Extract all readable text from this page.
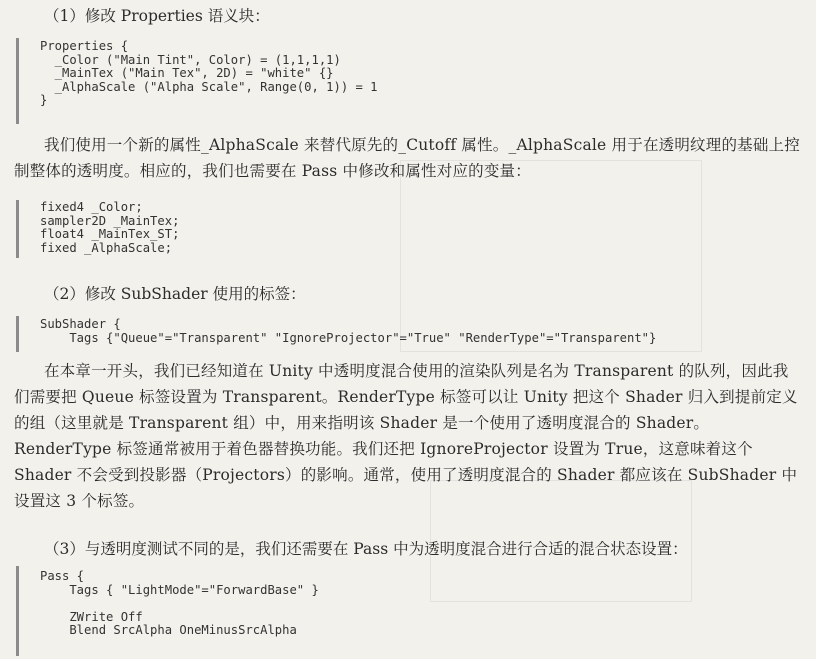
（1）修改 Properties 语义块：
Properties {
_Color ("Main Tint", Color) = (1,1,1,1)
_MainTex ("Main Tex", 2D) = "white" {}
_AlphaScale ("Alpha Scale", Range(0, 1)) = 1
}
我们使用一个新的属性_AlphaScale 来替代原先的_Cutoff 属性。_AlphaScale 用于在透明纹理的基础上控制整体的透明度。相应的，我们也需要在 Pass 中修改和属性对应的变量：
fixed4 _Color;
sampler2D _MainTex;
float4 _MainTex_ST;
fixed _AlphaScale;
（2）修改 SubShader 使用的标签：
SubShader {
Tags {"Queue"="Transparent" "IgnoreProjector"="True" "RenderType"="Transparent"}
在本章一开头，我们已经知道在 Unity 中透明度混合使用的渲染队列是名为 Transparent 的队列，因此我们需要把 Queue 标签设置为 Transparent。RenderType 标签可以让 Unity 把这个 Shader 归入到提前定义的组（这里就是 Transparent 组）中，用来指明该 Shader 是一个使用了透明度混合的 Shader。RenderType 标签通常被用于着色器替换功能。我们还把 IgnoreProjector 设置为 True，这意味着这个 Shader 不会受到投影器（Projectors）的影响。通常，使用了透明度混合的 Shader 都应该在 SubShader 中设置这 3 个标签。
（3）与透明度测试不同的是，我们还需要在 Pass 中为透明度混合进行合适的混合状态设置：
Pass {
Tags { "LightMode"="ForwardBase" }

ZWrite Off
Blend SrcAlpha OneMinusSrcAlpha
